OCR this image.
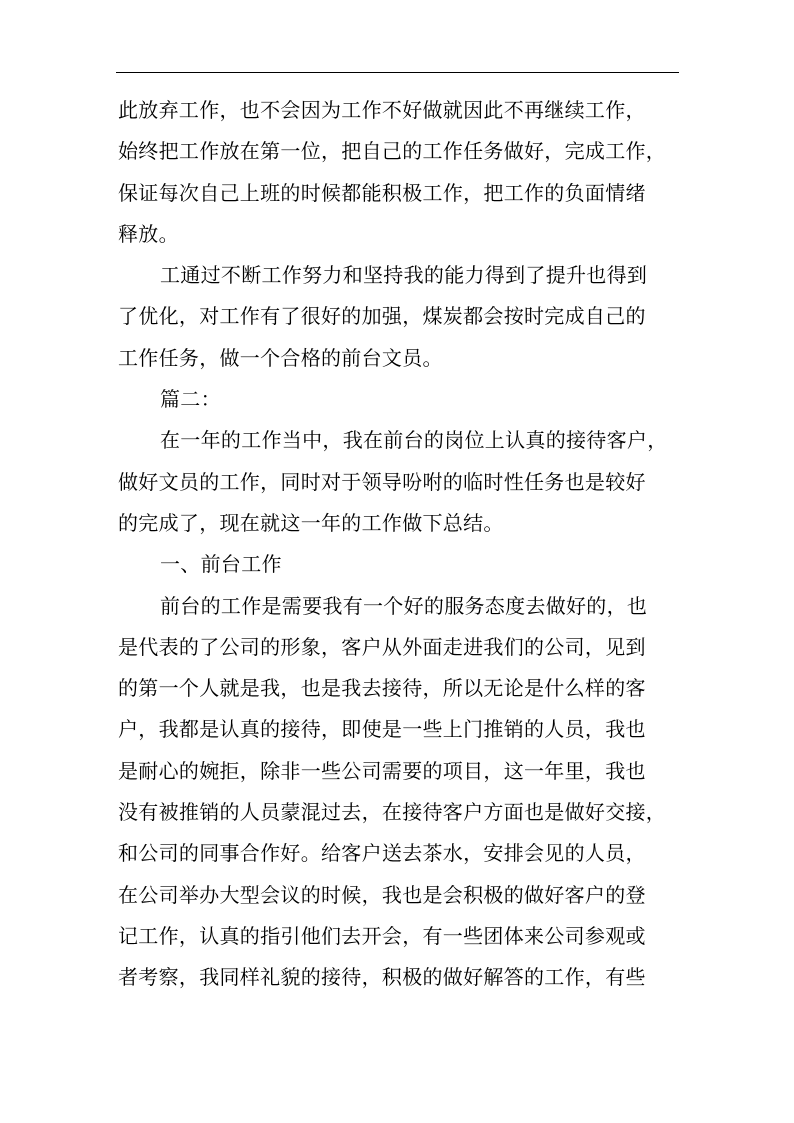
此放弃工作，也不会因为工作不好做就因此不再继续工作，
始终把工作放在第一位，把自己的工作任务做好，完成工作，
保证每次自己上班的时候都能积极工作，把工作的负面情绪
释放。
工通过不断工作努力和坚持我的能力得到了提升也得到
了优化，对工作有了很好的加强，煤炭都会按时完成自己的
工作任务，做一个合格的前台文员。
篇二：
在一年的工作当中，我在前台的岗位上认真的接待客户，
做好文员的工作，同时对于领导吩咐的临时性任务也是较好
的完成了，现在就这一年的工作做下总结。
一、前台工作
前台的工作是需要我有一个好的服务态度去做好的，也
是代表的了公司的形象，客户从外面走进我们的公司，见到
的第一个人就是我，也是我去接待，所以无论是什么样的客
户，我都是认真的接待，即使是一些上门推销的人员，我也
是耐心的婉拒，除非一些公司需要的项目，这一年里，我也
没有被推销的人员蒙混过去，在接待客户方面也是做好交接，
和公司的同事合作好。给客户送去茶水，安排会见的人员，
在公司举办大型会议的时候，我也是会积极的做好客户的登
记工作，认真的指引他们去开会，有一些团体来公司参观或
者考察，我同样礼貌的接待，积极的做好解答的工作，有些
